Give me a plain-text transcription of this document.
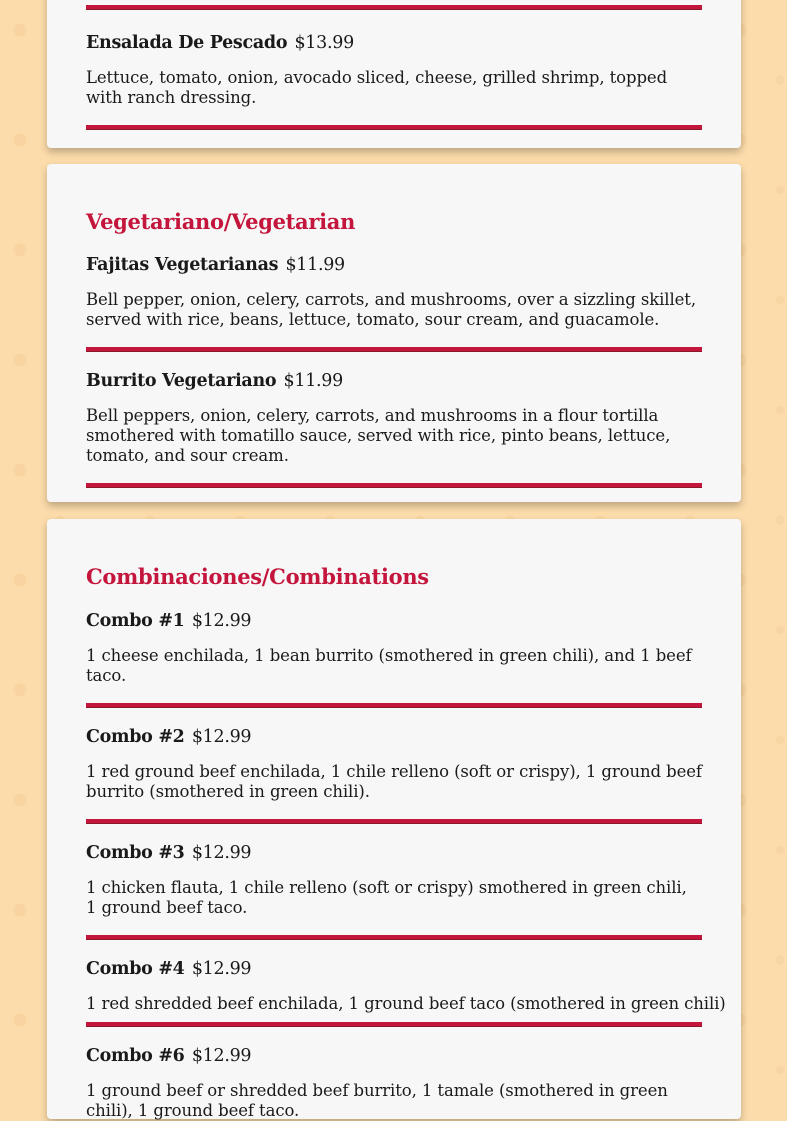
Ensalada De Pescado $13.99
Lettuce, tomato, onion, avocado sliced, cheese, grilled shrimp, topped with ranch dressing.
Vegetariano/Vegetarian
Fajitas Vegetarianas $11.99
Bell pepper, onion, celery, carrots, and mushrooms, over a sizzling skillet, served with rice, beans, lettuce, tomato, sour cream, and guacamole.
Burrito Vegetariano $11.99
Bell peppers, onion, celery, carrots, and mushrooms in a flour tortilla smothered with tomatillo sauce, served with rice, pinto beans, lettuce, tomato, and sour cream.
Combinaciones/Combinations
Combo #1 $12.99
1 cheese enchilada, 1 bean burrito (smothered in green chili), and 1 beef taco.
Combo #2 $12.99
1 red ground beef enchilada, 1 chile relleno (soft or crispy), 1 ground beef burrito (smothered in green chili).
Combo #3 $12.99
1 chicken flauta, 1 chile relleno (soft or crispy) smothered in green chili, 1 ground beef taco.
Combo #4 $12.99
1 red shredded beef enchilada, 1 ground beef taco (smothered in green chili)
Combo #6 $12.99
1 ground beef or shredded beef burrito, 1 tamale (smothered in green chili), 1 ground beef taco.
